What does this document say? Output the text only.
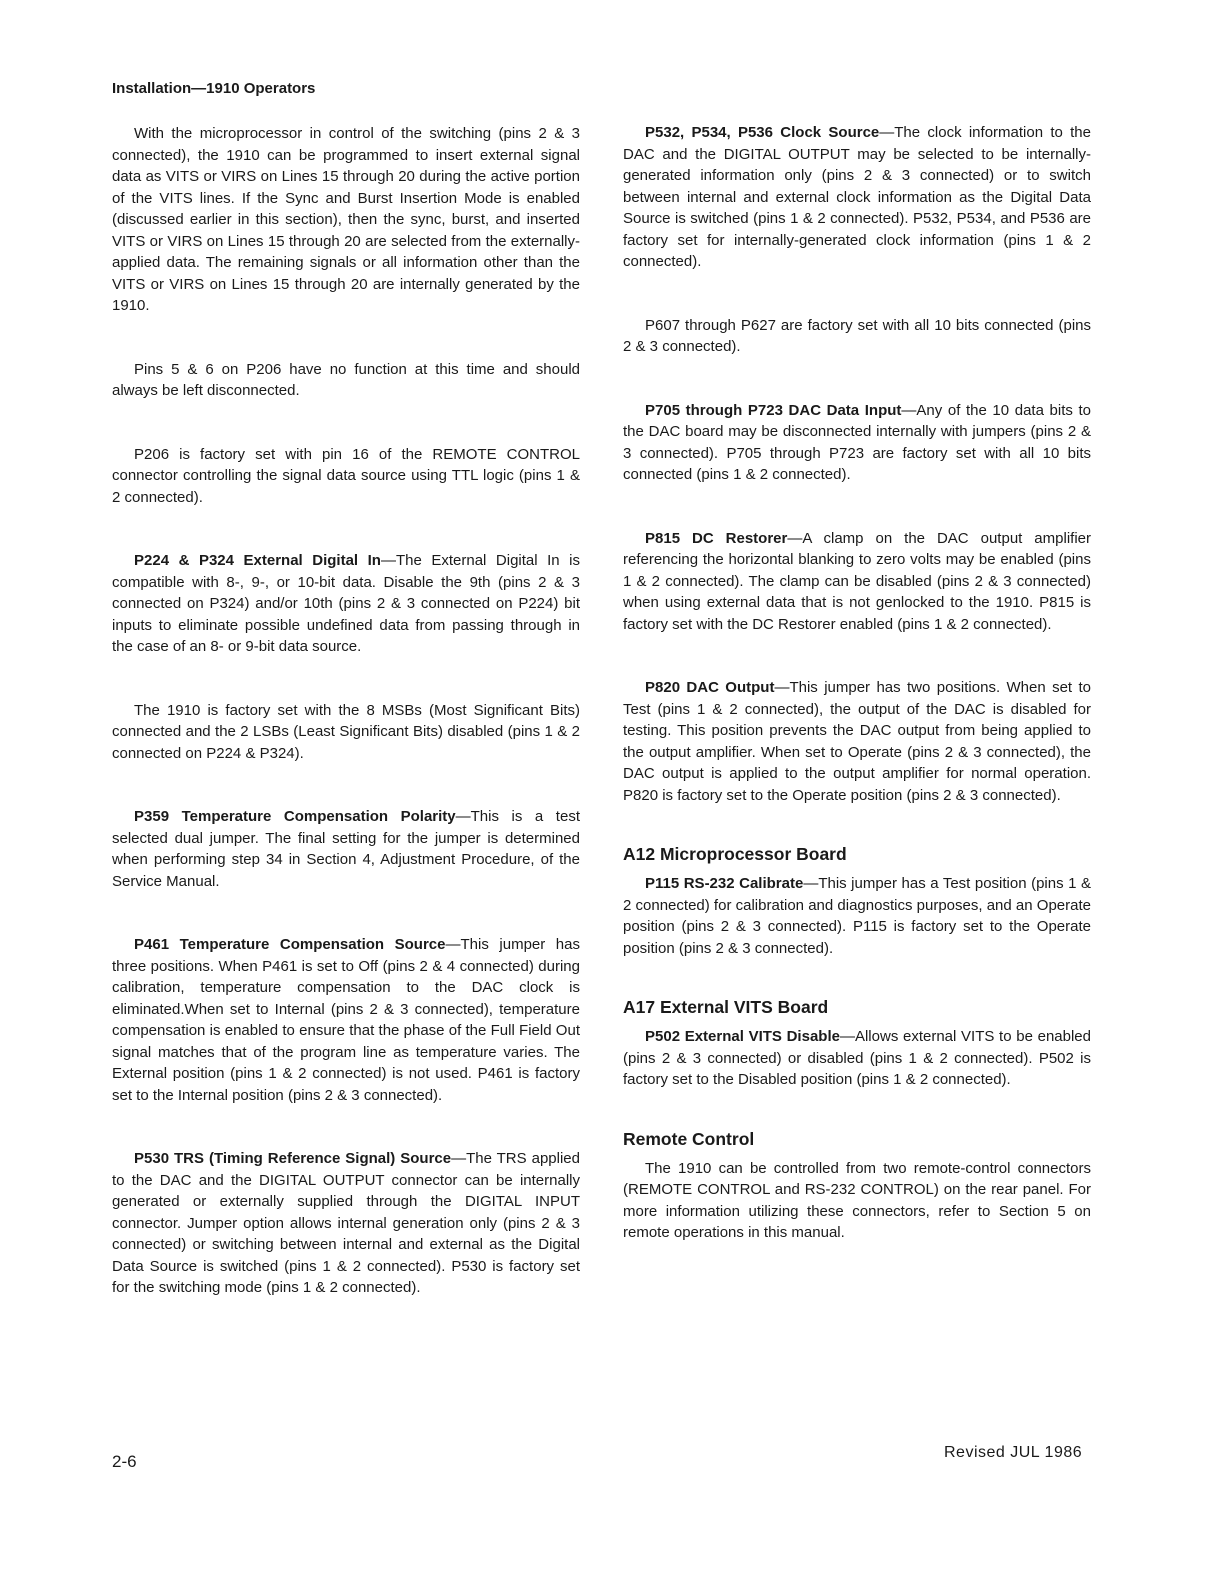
Installation—1910 Operators

With the microprocessor in control of the switching (pins 2 & 3 connected), the 1910 can be programmed to insert external signal data as VITS or VIRS on Lines 15 through 20 during the active portion of the VITS lines. If the Sync and Burst Insertion Mode is enabled (discussed earlier in this section), then the sync, burst, and inserted VITS or VIRS on Lines 15 through 20 are selected from the externally-applied data. The remaining signals or all information other than the VITS or VIRS on Lines 15 through 20 are internally generated by the 1910.

Pins 5 & 6 on P206 have no function at this time and should always be left disconnected.

P206 is factory set with pin 16 of the REMOTE CONTROL connector controlling the signal data source using TTL logic (pins 1 & 2 connected).

P224 & P324 External Digital In—The External Digital In is compatible with 8-, 9-, or 10-bit data. Disable the 9th (pins 2 & 3 connected on P324) and/or 10th (pins 2 & 3 connected on P224) bit inputs to eliminate possible undefined data from passing through in the case of an 8- or 9-bit data source.

The 1910 is factory set with the 8 MSBs (Most Significant Bits) connected and the 2 LSBs (Least Significant Bits) disabled (pins 1 & 2 connected on P224 & P324).

P359 Temperature Compensation Polarity—This is a test selected dual jumper. The final setting for the jumper is determined when performing step 34 in Section 4, Adjustment Procedure, of the Service Manual.

P461 Temperature Compensation Source—This jumper has three positions. When P461 is set to Off (pins 2 & 4 connected) during calibration, temperature compensation to the DAC clock is eliminated.When set to Internal (pins 2 & 3 connected), temperature compensation is enabled to ensure that the phase of the Full Field Out signal matches that of the program line as temperature varies. The External position (pins 1 & 2 connected) is not used. P461 is factory set to the Internal position (pins 2 & 3 connected).

P530 TRS (Timing Reference Signal) Source—The TRS applied to the DAC and the DIGITAL OUTPUT connector can be internally generated or externally supplied through the DIGITAL INPUT connector. Jumper option allows internal generation only (pins 2 & 3 connected) or switching between internal and external as the Digital Data Source is switched (pins 1 & 2 connected). P530 is factory set for the switching mode (pins 1 & 2 connected).

P532, P534, P536 Clock Source—The clock information to the DAC and the DIGITAL OUTPUT may be selected to be internally-generated information only (pins 2 & 3 connected) or to switch between internal and external clock information as the Digital Data Source is switched (pins 1 & 2 connected). P532, P534, and P536 are factory set for internally-generated clock information (pins 1 & 2 connected).

P607 through P627 are factory set with all 10 bits connected (pins 2 & 3 connected).

P705 through P723 DAC Data Input—Any of the 10 data bits to the DAC board may be disconnected internally with jumpers (pins 2 & 3 connected). P705 through P723 are factory set with all 10 bits connected (pins 1 & 2 connected).

P815 DC Restorer—A clamp on the DAC output amplifier referencing the horizontal blanking to zero volts may be enabled (pins 1 & 2 connected). The clamp can be disabled (pins 2 & 3 connected) when using external data that is not genlocked to the 1910. P815 is factory set with the DC Restorer enabled (pins 1 & 2 connected).

P820 DAC Output—This jumper has two positions. When set to Test (pins 1 & 2 connected), the output of the DAC is disabled for testing. This position prevents the DAC output from being applied to the output amplifier. When set to Operate (pins 2 & 3 connected), the DAC output is applied to the output amplifier for normal operation. P820 is factory set to the Operate position (pins 2 & 3 connected).

A12 Microprocessor Board

P115 RS-232 Calibrate—This jumper has a Test position (pins 1 & 2 connected) for calibration and diagnostics purposes, and an Operate position (pins 2 & 3 connected). P115 is factory set to the Operate position (pins 2 & 3 connected).

A17 External VITS Board

P502 External VITS Disable—Allows external VITS to be enabled (pins 2 & 3 connected) or disabled (pins 1 & 2 connected). P502 is factory set to the Disabled position (pins 1 & 2 connected).

Remote Control

The 1910 can be controlled from two remote-control connectors (REMOTE CONTROL and RS-232 CONTROL) on the rear panel. For more information utilizing these connectors, refer to Section 5 on remote operations in this manual.

2-6	Revised JUL 1986
